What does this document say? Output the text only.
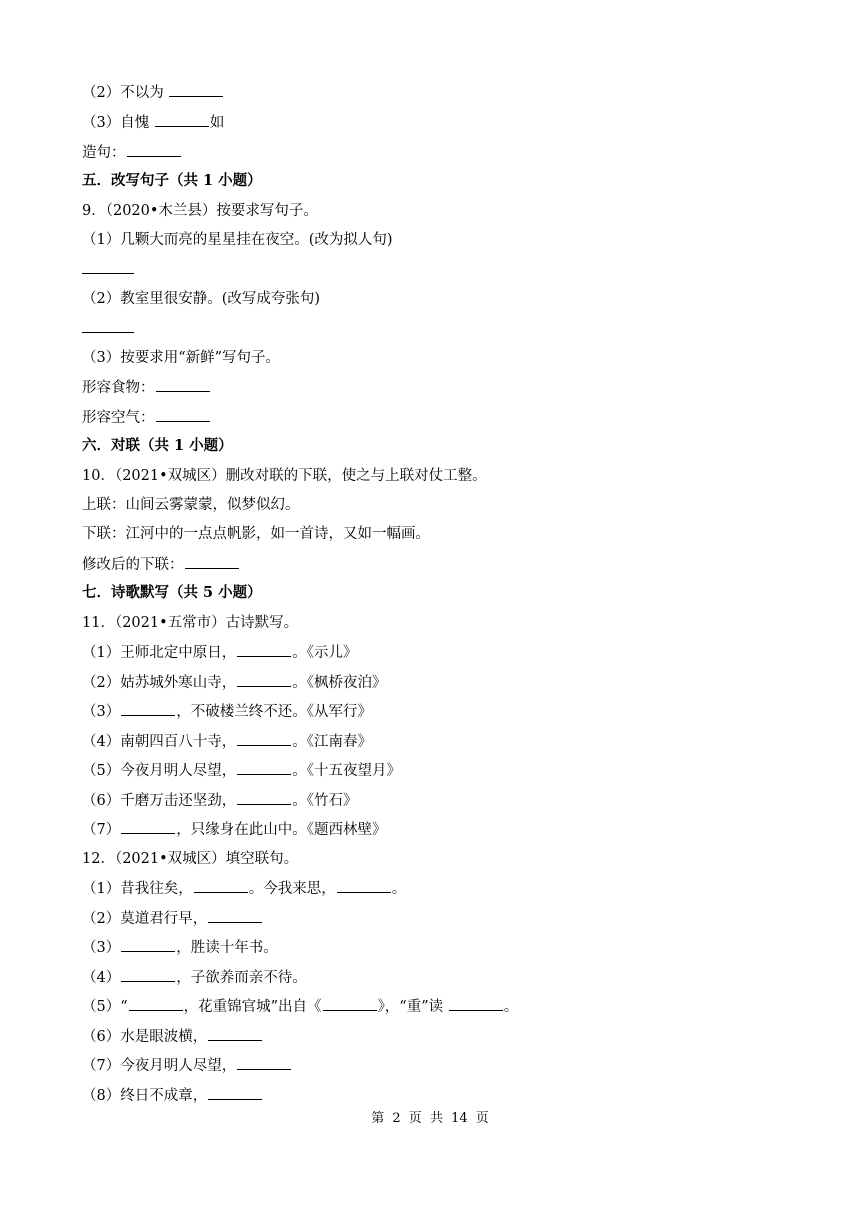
（2）不以为
（3）自愧	如
造句：
五．改写句子（共 1 小题）
9．（2020•木兰县）按要求写句子。
（1）几颗大而亮的星星挂在夜空。(改为拟人句)
（2）教室里很安静。(改写成夸张句)
（3）按要求用“新鲜”写句子。
形容食物：
形容空气：
六．对联（共 1 小题）
10．（2021•双城区）删改对联的下联，使之与上联对仗工整。
上联：山间云雾蒙蒙，似梦似幻。
下联：江河中的一点点帆影，如一首诗，又如一幅画。
修改后的下联：
七．诗歌默写（共 5 小题）
11．（2021•五常市）古诗默写。
（1）王师北定中原日，	。《示儿》
（2）姑苏城外寒山寺，	。《枫桥夜泊》
（3）	，不破楼兰终不还。《从军行》
（4）南朝四百八十寺，	。《江南春》
（5）今夜月明人尽望，	。《十五夜望月》
（6）千磨万击还坚劲，	。《竹石》
（7）	，只缘身在此山中。《题西林壁》
12．（2021•双城区）填空联句。
（1）昔我往矣，	。今我来思，	。
（2）莫道君行早，
（3）	，胜读十年书。
（4）	，子欲养而亲不待。
（5）“	，花重锦官城”出自《	》，“重”读	。
（6）水是眼波横，
（7）今夜月明人尽望，
（8）终日不成章，
第 2 页 共 14 页
